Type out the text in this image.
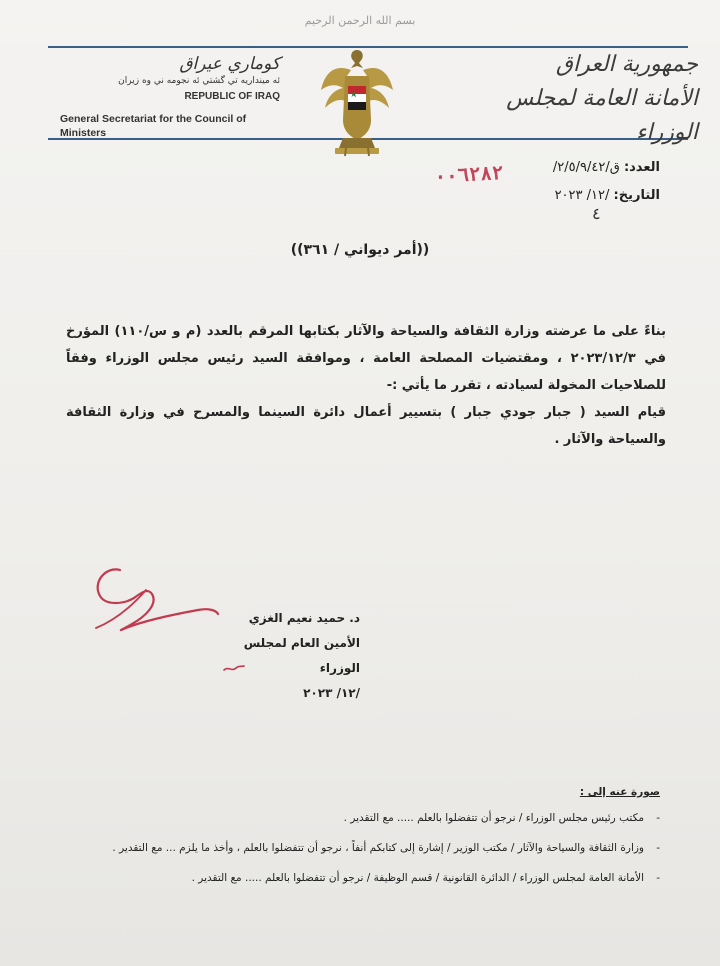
بسم الله الرحمن الرحيم
كوماري عيراق
ئه مينداريه تي گشتي ئه نجومه ني وه زيران
REPUBLIC OF IRAQ
General Secretariat for the Council of Ministers
جمهورية العراق
الأمانة العامة لمجلس الوزراء
العدد: ق/٢/٥/٩/٤٢/
التاريخ: /١٢/ ٢٠٢٣
٠٠٦٢٨٢
٤
((أمر ديواني / ٣٦١))

بناءً على ما عرضته وزارة الثقافة والسياحة والآثار بكتابها المرقم بالعدد (م و س/١١٠) المؤرخ في ٢٠٢٣/١٢/٣ ، ومقتضيات المصلحة العامة ، وموافقة السيد رئيس مجلس الوزراء وفقاً للصلاحيات المخولة لسيادته ، تقرر ما يأتي :-

قيام السيد ( جبار جودي جبار ) بتسيير أعمال دائرة السينما والمسرح في وزارة الثقافة والسياحة والآثار .

د. حميد نعيم الغزي
الأمين العام لمجلس الوزراء
/١٢/ ٢٠٢٣
صورة عنه إلى :
- مكتب رئيس مجلس الوزراء / نرجو أن تتفضلوا بالعلم ..... مع التقدير .
- وزارة الثقافة والسياحة والآثار / مكتب الوزير / إشارة إلى كتابكم أنفاً ، نرجو أن تتفضلوا بالعلم ، وأخذ ما يلزم ... مع التقدير .
- الأمانة العامة لمجلس الوزراء / الدائرة القانونية / قسم الوظيفة / نرجو أن تتفضلوا بالعلم ..... مع التقدير .
